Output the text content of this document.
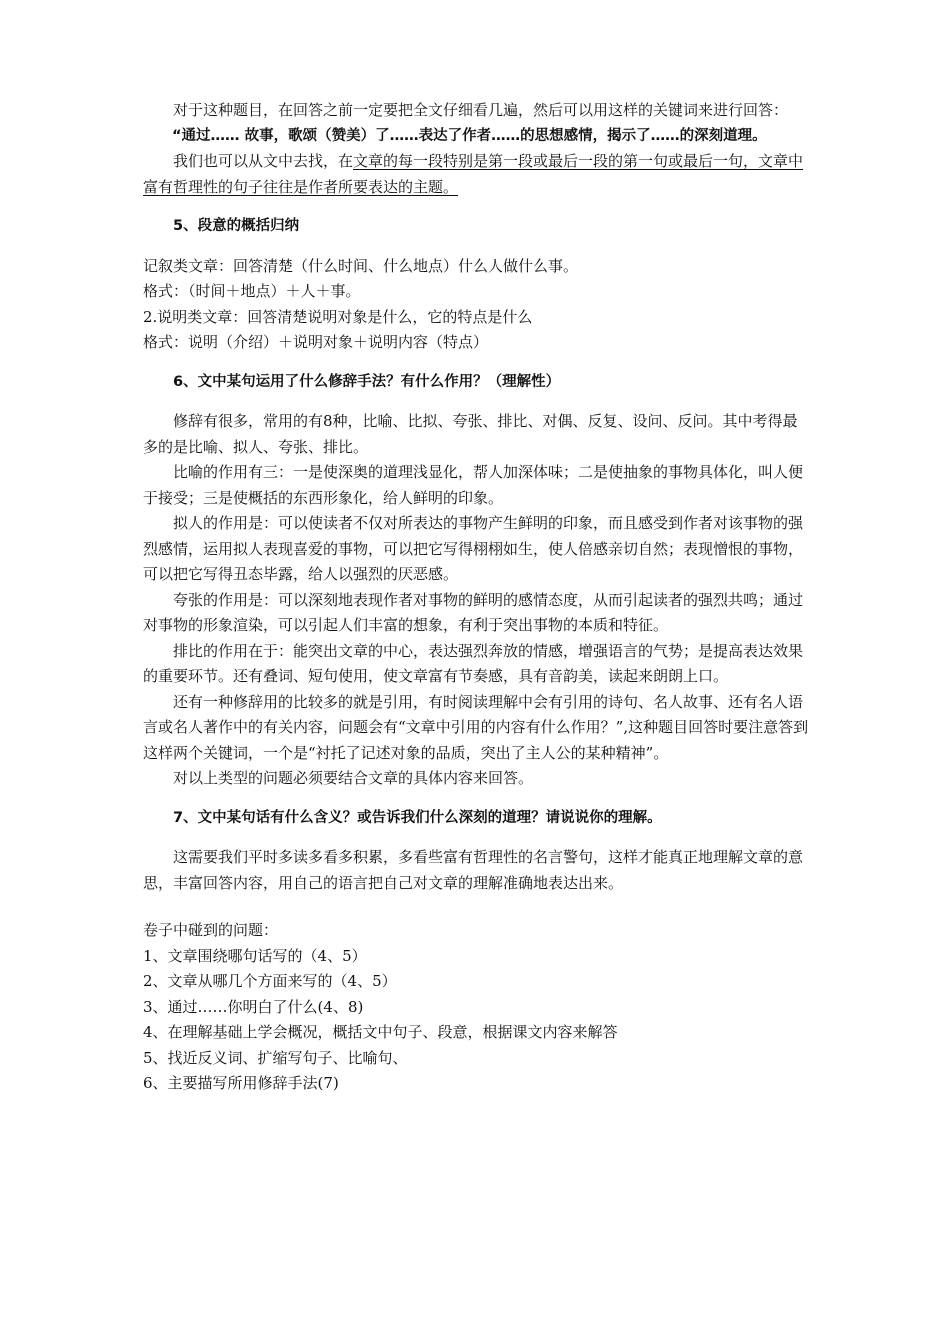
对于这种题目，在回答之前一定要把全文仔细看几遍，然后可以用这样的关键词来进行回答：

“通过…… 故事，歌颂（赞美）了……表达了作者……的思想感情，揭示了……的深刻道理。

我们也可以从文中去找，在文章的每一段特别是第一段或最后一段的第一句或最后一句，文章中富有哲理性的句子往往是作者所要表达的主题。

5、段意的概括归纳

记叙类文章：回答清楚（什么时间、什么地点）什么人做什么事。

格式：（时间＋地点）＋人＋事。

2.说明类文章：回答清楚说明对象是什么，它的特点是什么

格式：说明（介绍）＋说明对象＋说明内容（特点）

6、文中某句运用了什么修辞手法？有什么作用？（理解性）

修辞有很多，常用的有8种，比喻、比拟、夸张、排比、对偶、反复、设问、反问。其中考得最多的是比喻、拟人、夸张、排比。

比喻的作用有三：一是使深奥的道理浅显化，帮人加深体味；二是使抽象的事物具体化，叫人便于接受；三是使概括的东西形象化，给人鲜明的印象。

拟人的作用是：可以使读者不仅对所表达的事物产生鲜明的印象，而且感受到作者对该事物的强烈感情，运用拟人表现喜爱的事物，可以把它写得栩栩如生，使人倍感亲切自然；表现憎恨的事物，可以把它写得丑态毕露，给人以强烈的厌恶感。

夸张的作用是：可以深刻地表现作者对事物的鲜明的感情态度，从而引起读者的强烈共鸣；通过对事物的形象渲染，可以引起人们丰富的想象，有利于突出事物的本质和特征。

排比的作用在于：能突出文章的中心，表达强烈奔放的情感，增强语言的气势；是提高表达效果的重要环节。还有叠词、短句使用，使文章富有节奏感，具有音韵美，读起来朗朗上口。

还有一种修辞用的比较多的就是引用，有时阅读理解中会有引用的诗句、名人故事、还有名人语言或名人著作中的有关内容，问题会有“文章中引用的内容有什么作用？”,这种题目回答时要注意答到这样两个关键词，一个是“衬托了记述对象的品质，突出了主人公的某种精神”。

对以上类型的问题必须要结合文章的具体内容来回答。

7、文中某句话有什么含义？或告诉我们什么深刻的道理？请说说你的理解。

这需要我们平时多读多看多积累，多看些富有哲理性的名言警句，这样才能真正地理解文章的意思，丰富回答内容，用自己的语言把自己对文章的理解准确地表达出来。

卷子中碰到的问题：

1、文章围绕哪句话写的（4、5）

2、文章从哪几个方面来写的（4、5）

3、通过……你明白了什么(4、8)

4、在理解基础上学会概况，概括文中句子、段意，根据课文内容来解答

5、找近反义词、扩缩写句子、比喻句、

6、主要描写所用修辞手法(7)
